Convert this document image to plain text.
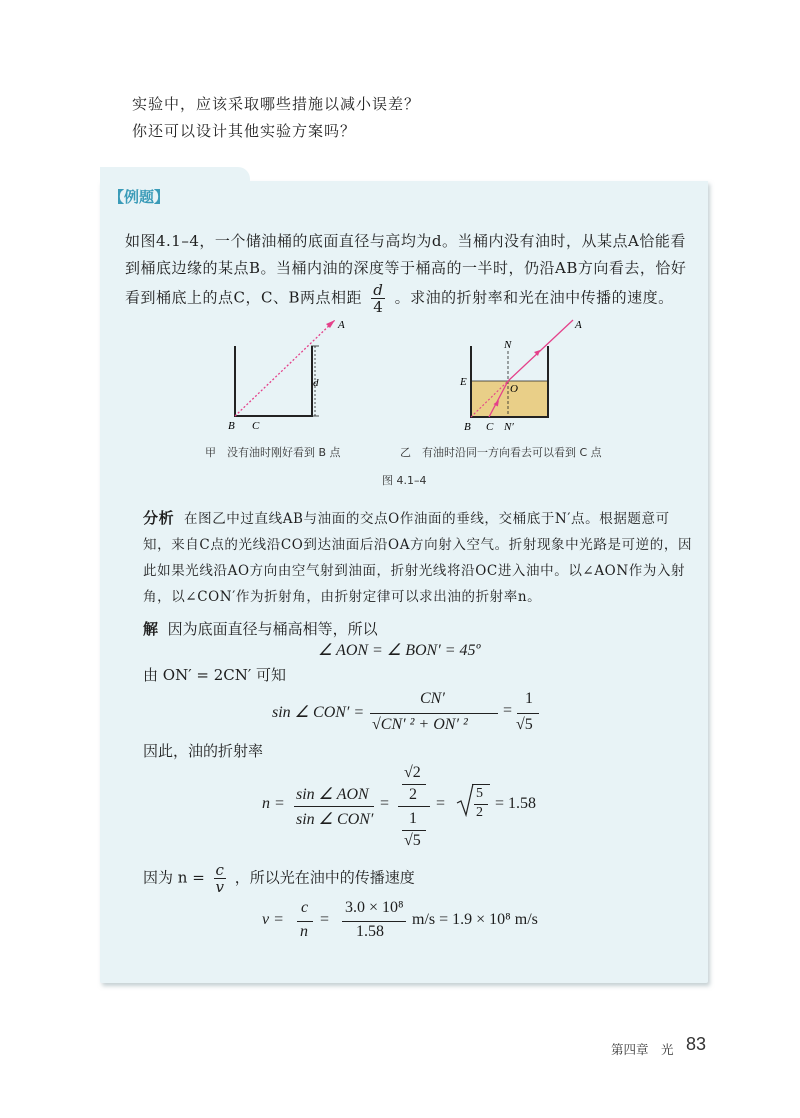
实验中，应该采取哪些措施以减小误差？
你还可以设计其他实验方案吗？
【例题】
如图4.1–4，一个储油桶的底面直径与高均为d。当桶内没有油时，从某点A恰能看到桶底边缘的某点B。当桶内油的深度等于桶高的一半时，仍沿AB方向看去，恰好看到桶底上的点C，C、B两点相距 $\frac{d}{4}$ 。求油的折射率和光在油中传播的速度。
A
d
B C
A
N
E
O
B C N′
甲　没有油时刚好看到 B 点	乙　有油时沿同一方向看去可以看到 C 点
图 4.1–4
分析 在图乙中过直线AB与油面的交点O作油面的垂线，交桶底于N′点。根据题意可知，来自C点的光线沿CO到达油面后沿OA方向射入空气。折射现象中光路是可逆的，因此如果光线沿AO方向由空气射到油面，折射光线将沿OC进入油中。以∠AON作为入射角，以∠CON′作为折射角，由折射定律可以求出油的折射率n。
解 因为底面直径与桶高相等，所以
∠ AON = ∠ BON′ = 45º
由 ON′ = 2CN′ 可知
sin ∠ CON′ =
CN′
√CN′ ² + ON′ ²
=
1
√5
因此，油的折射率
n =
sin ∠ AON
sin ∠ CON′
=
√2
2
1
√5
=
5
2
= 1.58
因为 $n = \frac{c}{v}$ ，所以光在油中的传播速度
v =
c
n
=
3.0 × 10⁸
1.58
m/s = 1.9 × 10⁸ m/s
第四章　光 83
